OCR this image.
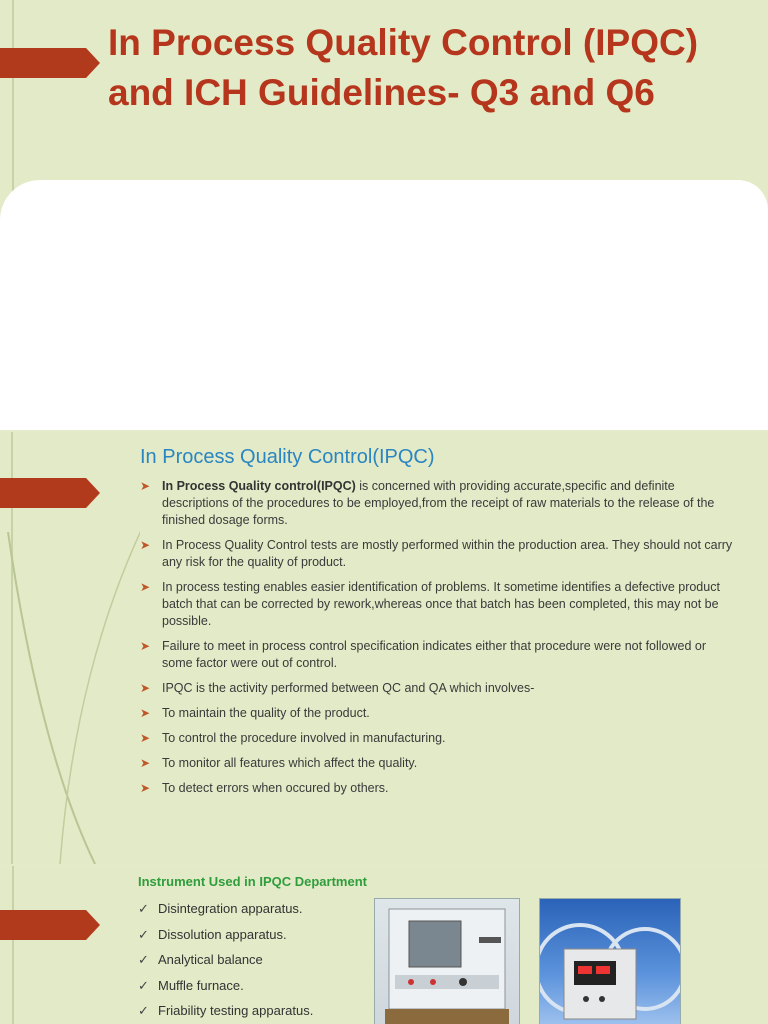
In Process Quality Control (IPQC) and ICH Guidelines- Q3 and Q6
In Process Quality Control(IPQC)
➤ In Process Quality control(IPQC) is concerned with providing accurate,specific and definite descriptions of the procedures to be employed,from the receipt of raw materials to the release of the finished dosage forms.
➤ In Process Quality Control tests are mostly performed within the production area. They should not carry any risk for the quality of product.
➤ In process testing enables easier identification of problems. It sometime identifies a defective product batch that can be corrected by rework,whereas once that batch has been completed, this may not be possible.
➤ Failure to meet in process control specification indicates either that procedure were not followed or some factor were out of control.
➤ IPQC is the activity performed between QC and QA which involves-
➤ To maintain the quality of the product.
➤ To control the procedure involved in manufacturing.
➤ To monitor all features which affect the quality.
➤ To detect errors when occured by others.
Instrument Used in IPQC Department
✓ Disintegration apparatus.
✓ Dissolution apparatus.
✓ Analytical balance
✓ Muffle furnace.
✓ Friability testing apparatus.
